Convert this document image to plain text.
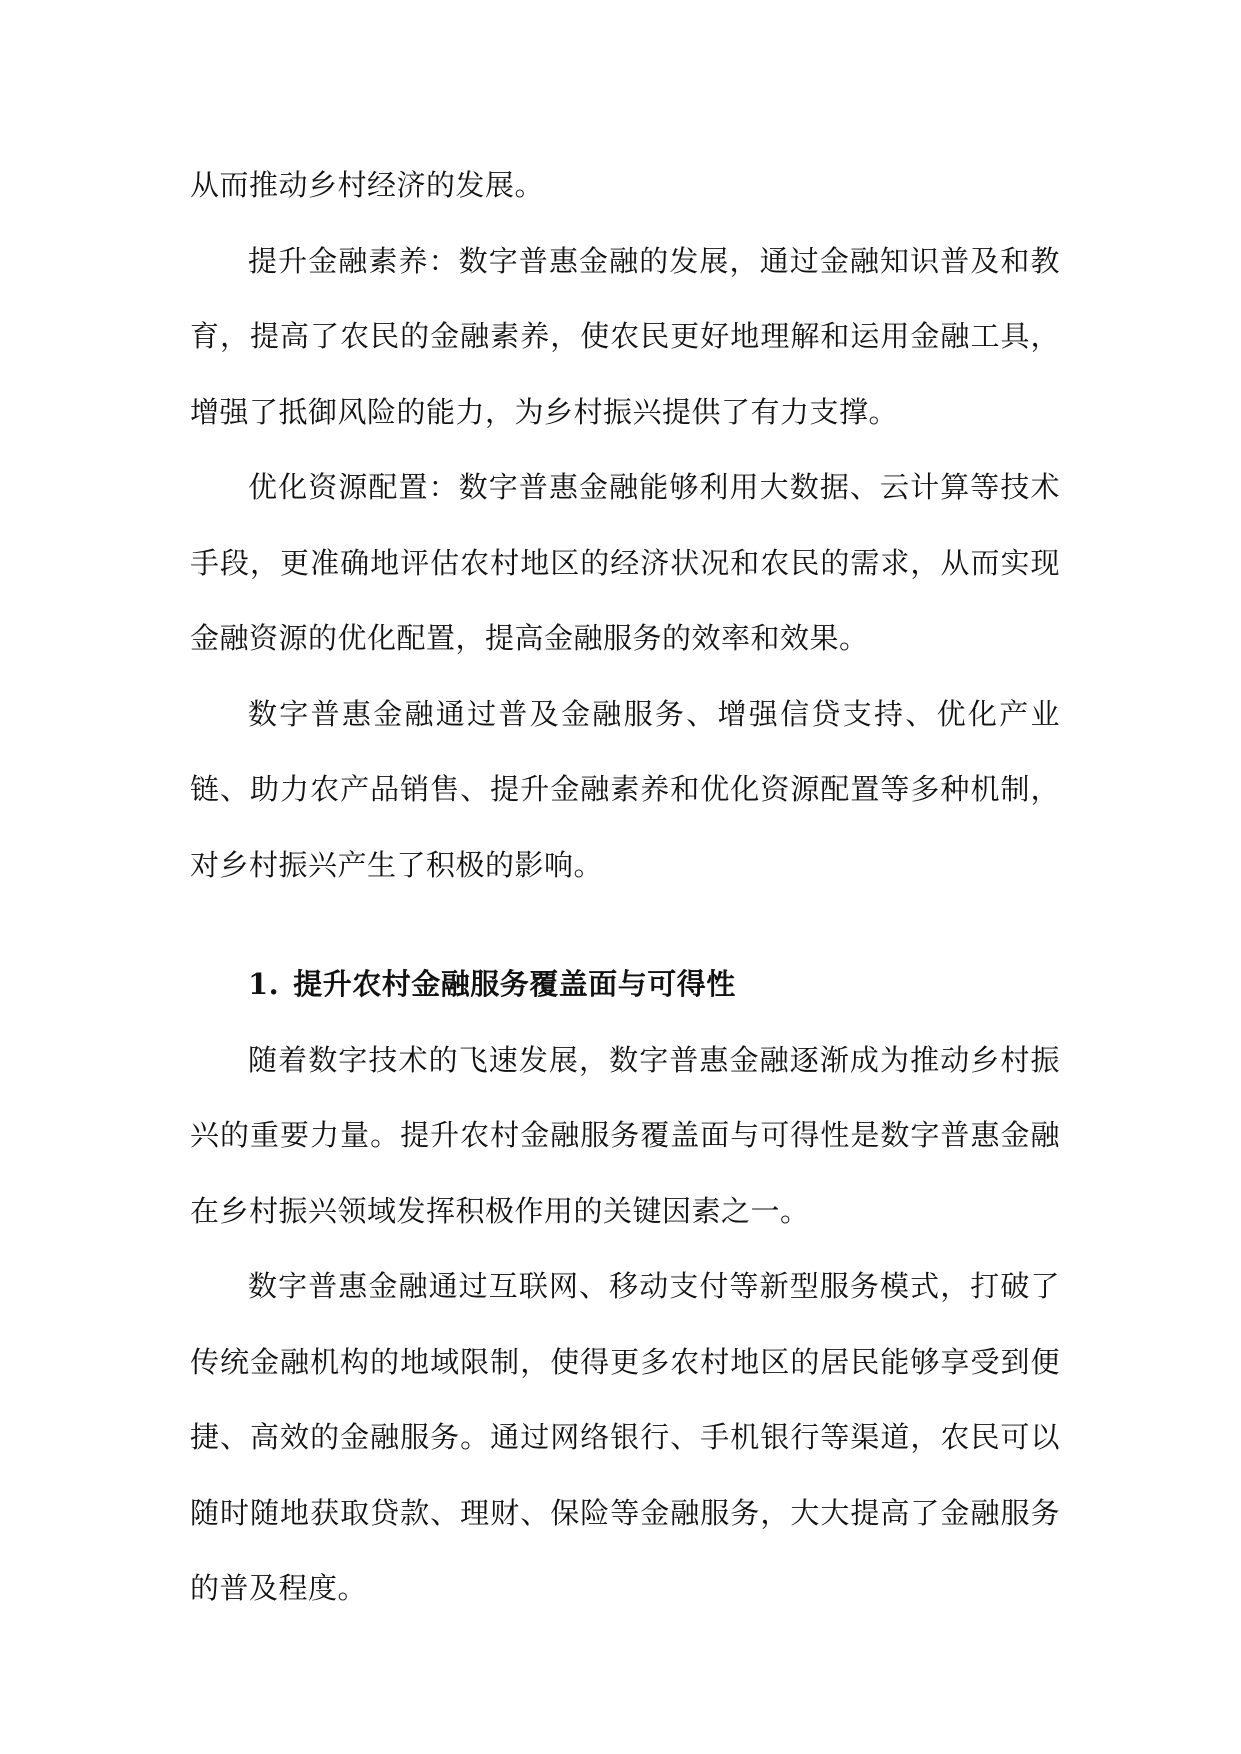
从而推动乡村经济的发展。

提升金融素养：数字普惠金融的发展，通过金融知识普及和教育，提高了农民的金融素养，使农民更好地理解和运用金融工具，增强了抵御风险的能力，为乡村振兴提供了有力支撑。

优化资源配置：数字普惠金融能够利用大数据、云计算等技术手段，更准确地评估农村地区的经济状况和农民的需求，从而实现金融资源的优化配置，提高金融服务的效率和效果。

数字普惠金融通过普及金融服务、增强信贷支持、优化产业链、助力农产品销售、提升金融素养和优化资源配置等多种机制，对乡村振兴产生了积极的影响。

1. 提升农村金融服务覆盖面与可得性

随着数字技术的飞速发展，数字普惠金融逐渐成为推动乡村振兴的重要力量。提升农村金融服务覆盖面与可得性是数字普惠金融在乡村振兴领域发挥积极作用的关键因素之一。

数字普惠金融通过互联网、移动支付等新型服务模式，打破了传统金融机构的地域限制，使得更多农村地区的居民能够享受到便捷、高效的金融服务。通过网络银行、手机银行等渠道，农民可以随时随地获取贷款、理财、保险等金融服务，大大提高了金融服务的普及程度。
